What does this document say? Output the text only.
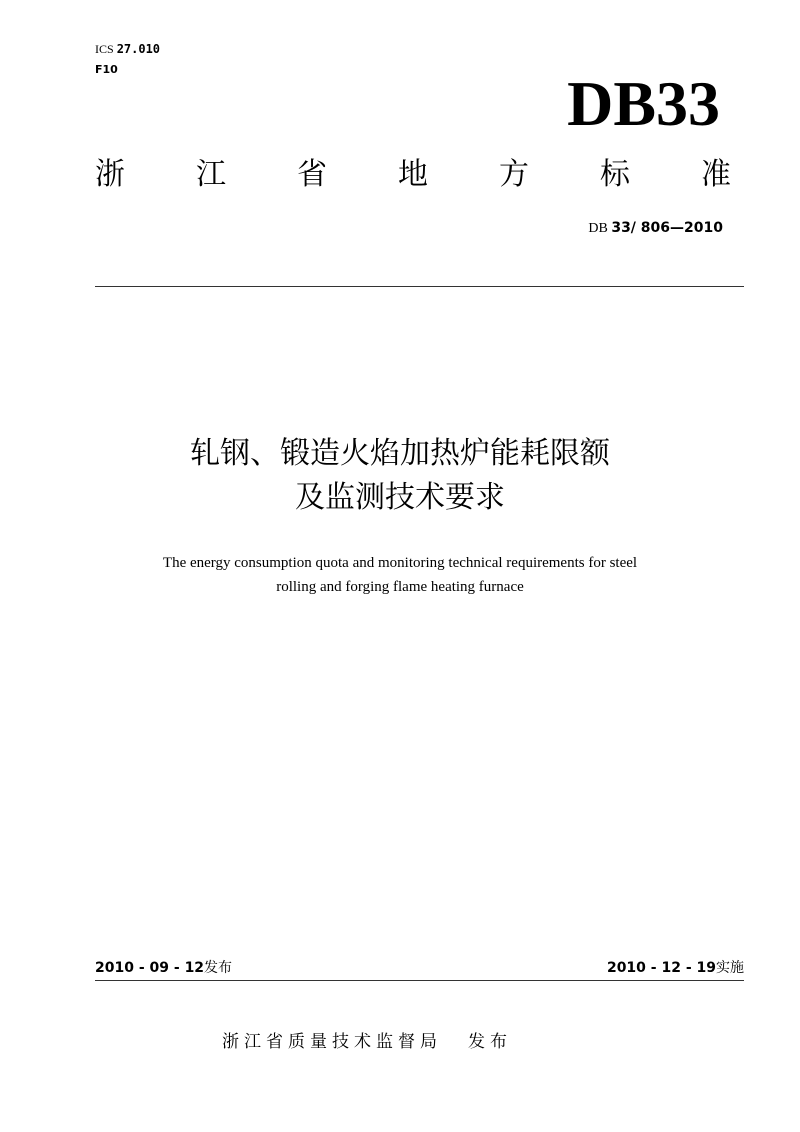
ICS 27.010
F10	DB33
浙 江 省 地 方 标 准
DB 33/ 806—2010
轧钢、锻造火焰加热炉能耗限额
及监测技术要求
The energy consumption quota and monitoring technical requirements for steel
rolling and forging flame heating furnace
2010 - 09 - 12发布	2010 - 12 - 19实施
浙江省质量技术监督局 发布
